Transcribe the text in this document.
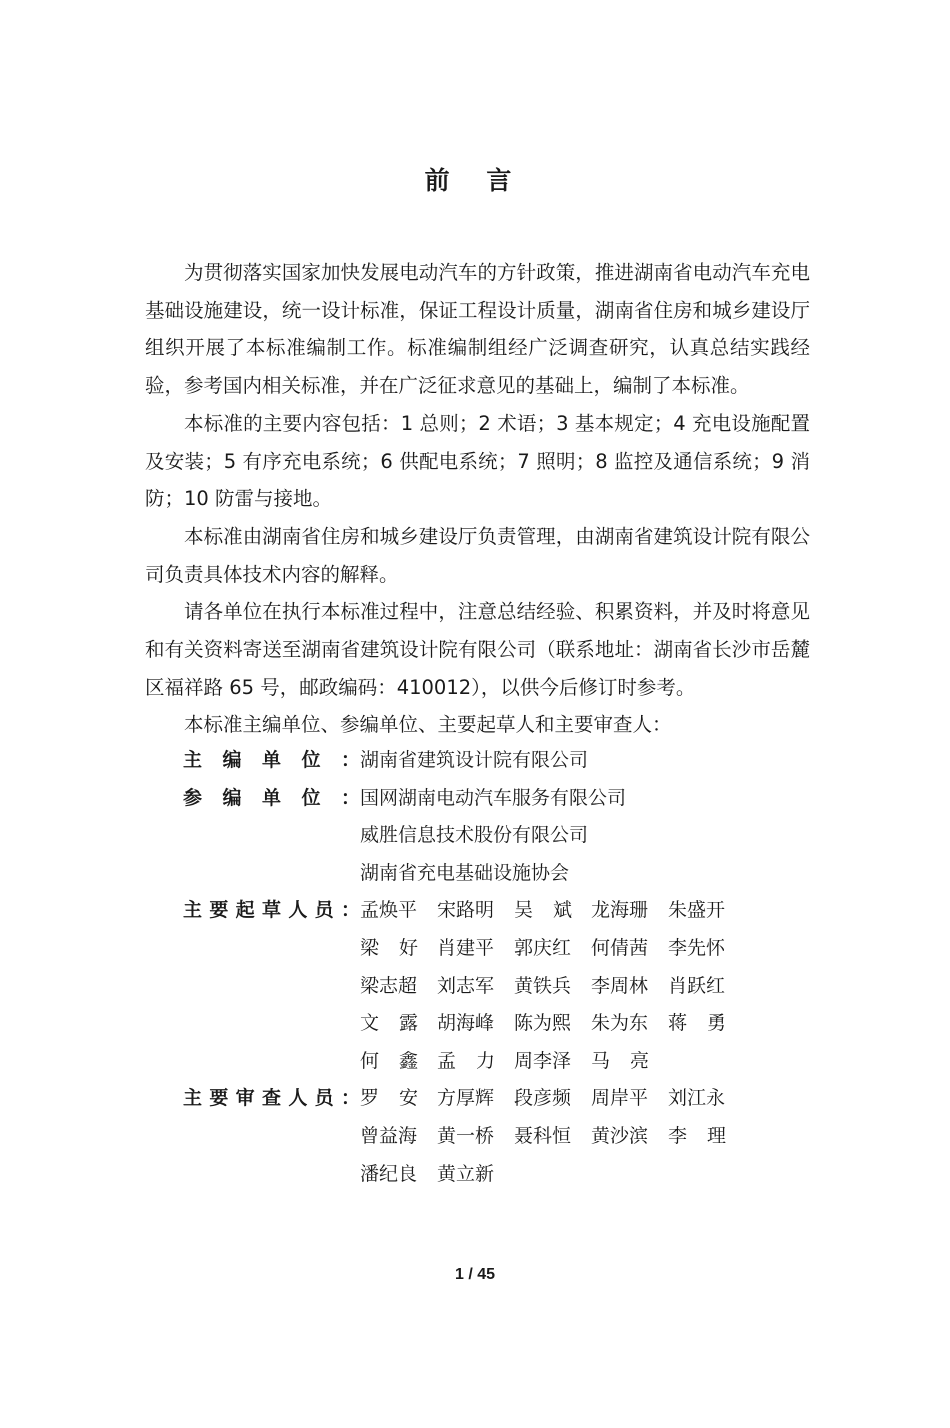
前 言

为贯彻落实国家加快发展电动汽车的方针政策，推进湖南省电动汽车充电基础设施建设，统一设计标准，保证工程设计质量，湖南省住房和城乡建设厅组织开展了本标准编制工作。标准编制组经广泛调查研究，认真总结实践经验，参考国内相关标准，并在广泛征求意见的基础上，编制了本标准。

本标准的主要内容包括：1 总则；2 术语；3 基本规定；4 充电设施配置及安装；5 有序充电系统；6 供配电系统；7 照明；8 监控及通信系统；9 消防；10 防雷与接地。

本标准由湖南省住房和城乡建设厅负责管理，由湖南省建筑设计院有限公司负责具体技术内容的解释。

请各单位在执行本标准过程中，注意总结经验、积累资料，并及时将意见和有关资料寄送至湖南省建筑设计院有限公司（联系地址：湖南省长沙市岳麓区福祥路 65 号，邮政编码：410012），以供今后修订时参考。

本标准主编单位、参编单位、主要起草人和主要审查人：

主 编 单 位 ： 湖南省建筑设计院有限公司
参 编 单 位 ： 国网湖南电动汽车服务有限公司
威胜信息技术股份有限公司
湖南省充电基础设施协会
主 要 起 草 人 员 ： 孟焕平 宋路明 吴 斌 龙海珊 朱盛开
梁 好 肖建平 郭庆红 何倩茜 李先怀
梁志超 刘志军 黄铁兵 李周林 肖跃红
文 露 胡海峰 陈为熙 朱为东 蒋 勇
何 鑫 孟 力 周李泽 马 亮
主 要 审 查 人 员 ： 罗 安 方厚辉 段彦频 周岸平 刘江永
曾益海 黄一桥 聂科恒 黄沙滨 李 理
潘纪良 黄立新
1 / 45
